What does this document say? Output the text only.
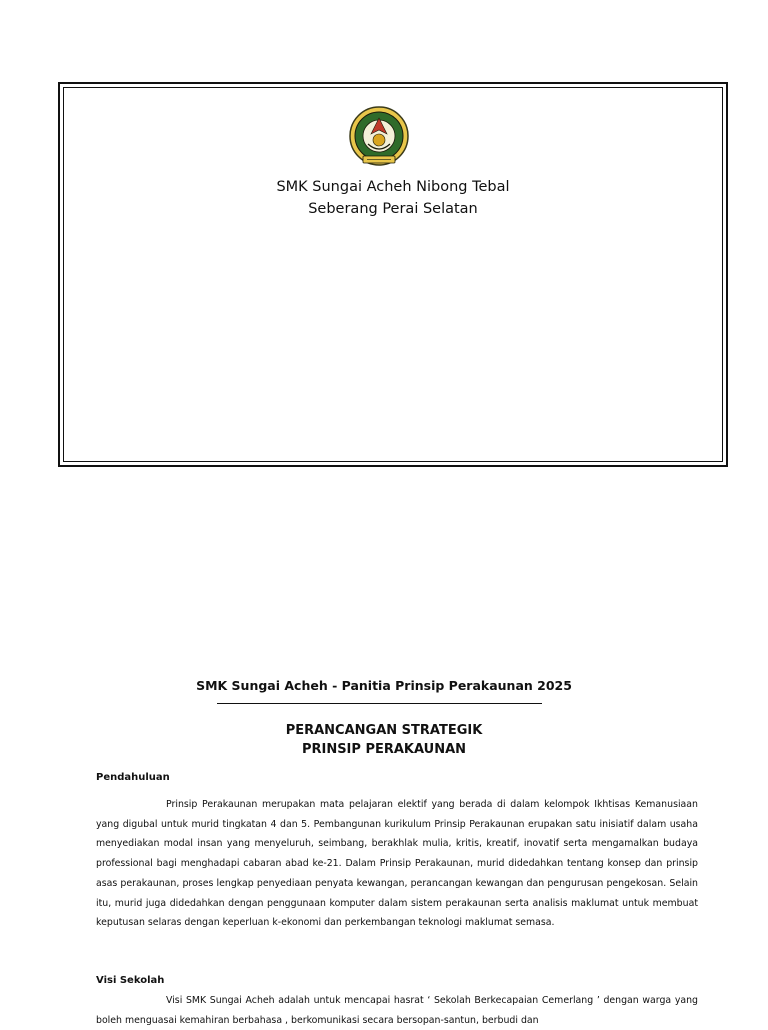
SMK Sungai Acheh Nibong Tebal
Seberang Perai Selatan
SMK Sungai Acheh - Panitia Prinsip Perakaunan 2025
PERANCANGAN STRATEGIK
PRINSIP PERAKAUNAN
Pendahuluan

Prinsip Perakaunan merupakan mata pelajaran elektif yang berada di dalam kelompok Ikhtisas Kemanusiaan yang digubal untuk murid tingkatan 4 dan 5. Pembangunan kurikulum Prinsip Perakaunan erupakan satu inisiatif dalam usaha menyediakan modal insan yang menyeluruh, seimbang, berakhlak mulia, kritis, kreatif, inovatif serta mengamalkan budaya professional bagi menghadapi cabaran abad ke-21. Dalam Prinsip Perakaunan, murid didedahkan tentang konsep dan prinsip asas perakaunan, proses lengkap penyediaan penyata kewangan, perancangan kewangan dan pengurusan pengekosan. Selain itu, murid juga didedahkan dengan penggunaan komputer dalam sistem perakaunan serta analisis maklumat untuk membuat keputusan selaras dengan keperluan k-ekonomi dan perkembangan teknologi maklumat semasa.

Visi Sekolah

Visi SMK Sungai Acheh adalah untuk mencapai hasrat ‘ Sekolah Berkecapaian Cemerlang ’ dengan warga yang boleh menguasai kemahiran berbahasa , berkomunikasi secara bersopan-santun, berbudi dan
